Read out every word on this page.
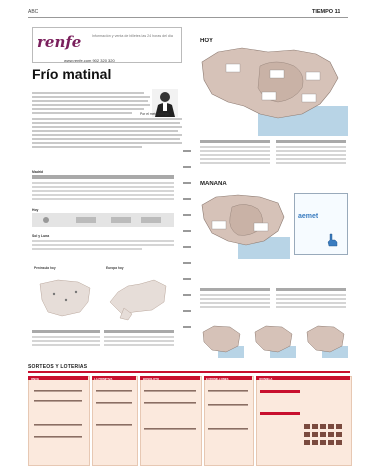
ABC	TIEMPO 11
renfe	Información y venta de billetes las 24 horas del día
www.renfe.com 902 320 320
Frío matinal
Por el meteorólogo
Madrid
Hoy
Sol y Luna
Península hoy	Europa hoy
HOY
MAÑANA
aemet
SORTEOS Y LOTERÍAS
ONCE	LA PRIMITIVA	BONOLOTO	EUROMILLONES	QUINIELA
